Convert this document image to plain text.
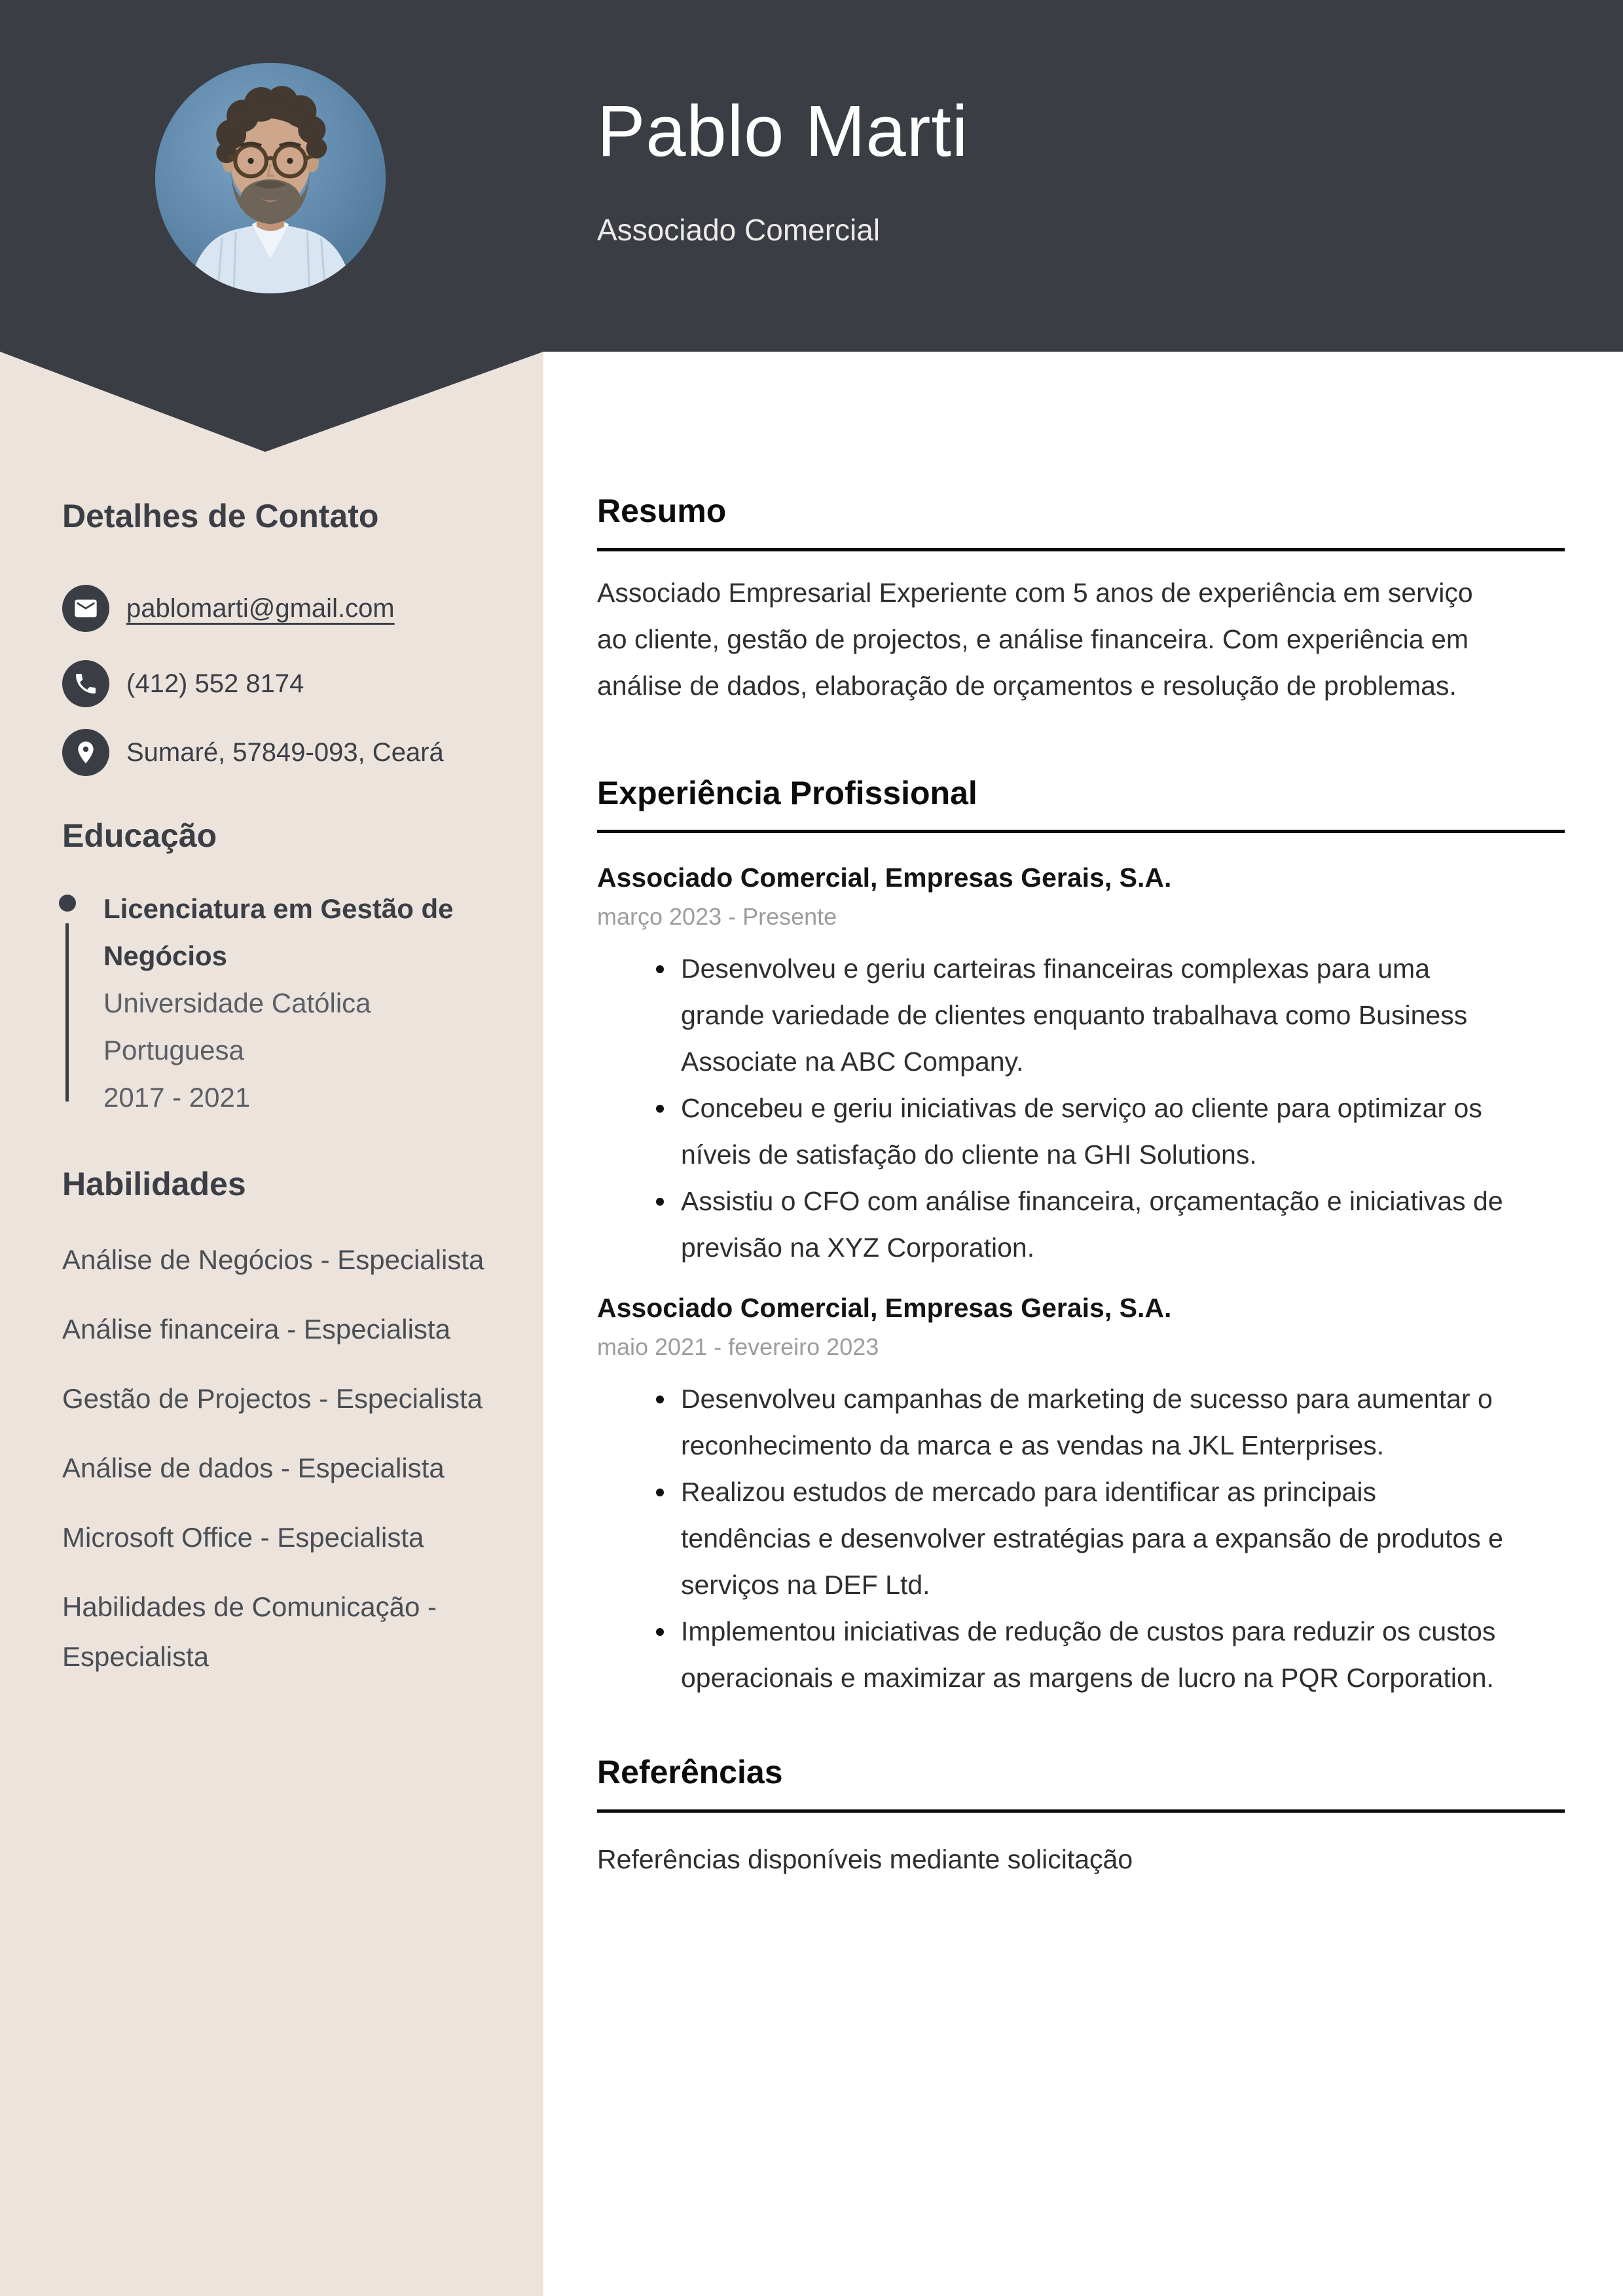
Pablo Marti
Associado Comercial
Detalhes de Contato
pablomarti@gmail.com
(412) 552 8174
Sumaré, 57849-093, Ceará
Educação
Licenciatura em Gestão de Negócios
Universidade Católica Portuguesa
2017 - 2021
Habilidades
Análise de Negócios - Especialista
Análise financeira - Especialista
Gestão de Projectos - Especialista
Análise de dados - Especialista
Microsoft Office - Especialista
Habilidades de Comunicação - Especialista
Resumo

Associado Empresarial Experiente com 5 anos de experiência em serviço ao cliente, gestão de projectos, e análise financeira. Com experiência em análise de dados, elaboração de orçamentos e resolução de problemas.

Experiência Profissional
Associado Comercial, Empresas Gerais, S.A.
março 2023 - Presente
Desenvolveu e geriu carteiras financeiras complexas para uma grande variedade de clientes enquanto trabalhava como Business Associate na ABC Company.
Concebeu e geriu iniciativas de serviço ao cliente para optimizar os níveis de satisfação do cliente na GHI Solutions.
Assistiu o CFO com análise financeira, orçamentação e iniciativas de previsão na XYZ Corporation.
Associado Comercial, Empresas Gerais, S.A.
maio 2021 - fevereiro 2023
Desenvolveu campanhas de marketing de sucesso para aumentar o reconhecimento da marca e as vendas na JKL Enterprises.
Realizou estudos de mercado para identificar as principais tendências e desenvolver estratégias para a expansão de produtos e serviços na DEF Ltd.
Implementou iniciativas de redução de custos para reduzir os custos operacionais e maximizar as margens de lucro na PQR Corporation.
Referências

Referências disponíveis mediante solicitação
